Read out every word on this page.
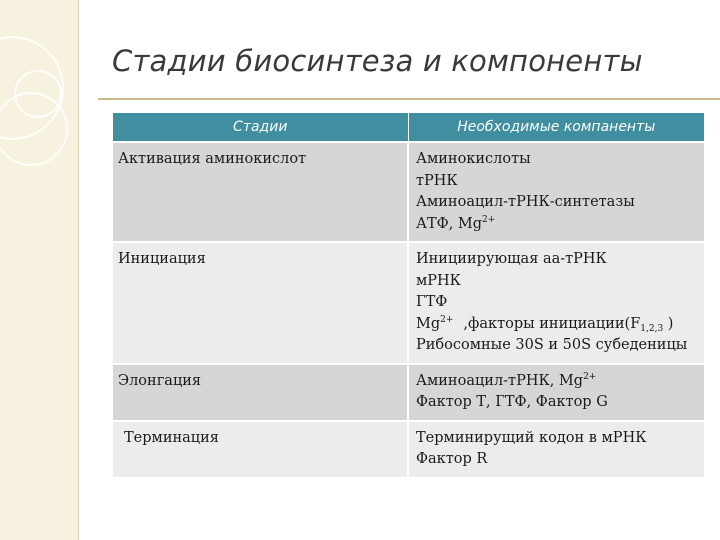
Стадии биосинтеза и компоненты
Стадии	Необходимые компаненты
Активация аминокислот	Аминокислоты
тРНК
Аминоацил-тРНК-синтетазы
АТФ, $Mg^{2+}$

Инициация	Инициирующая аа-тРНК
мРНК
ГТФ
$Mg^{2+}$ ,факторы $инициации(F_{1,2,3}$ )
Рибосомные 30S и 50S субеденицы

Элонгация	Аминоацил-тРНК, $Mg^{2+}$
Фактор Т, ГТФ, Фактор G

Терминация	Терминирущий кодон в мРНК
Фактор R
